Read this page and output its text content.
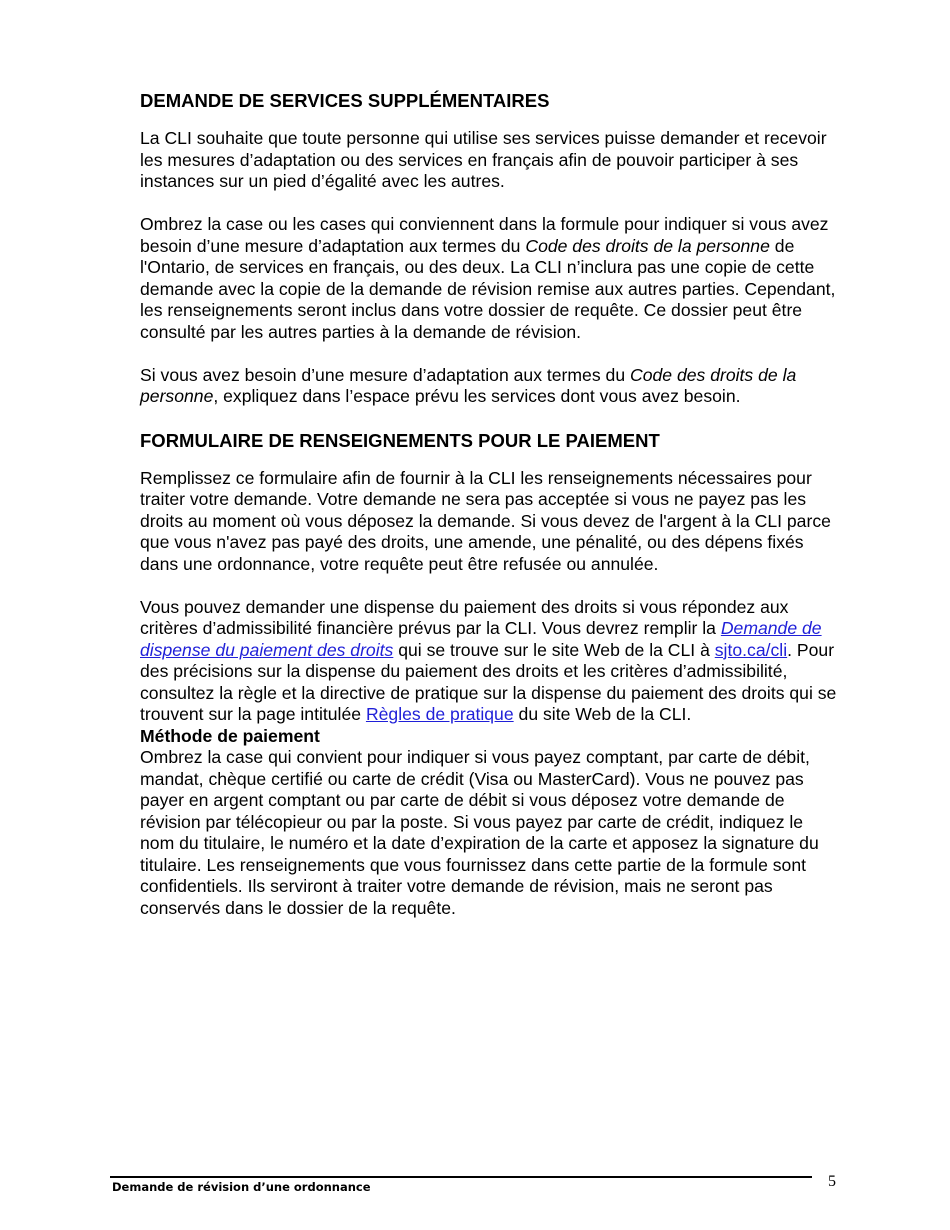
DEMANDE DE SERVICES SUPPLÉMENTAIRES

La CLI souhaite que toute personne qui utilise ses services puisse demander et recevoir les mesures d’adaptation ou des services en français afin de pouvoir participer à ses instances sur un pied d’égalité avec les autres.

Ombrez la case ou les cases qui conviennent dans la formule pour indiquer si vous avez besoin d’une mesure d’adaptation aux termes du Code des droits de la personne de l'Ontario, de services en français, ou des deux. La CLI n’inclura pas une copie de cette demande avec la copie de la demande de révision remise aux autres parties. Cependant, les renseignements seront inclus dans votre dossier de requête. Ce dossier peut être consulté par les autres parties à la demande de révision.

Si vous avez besoin d’une mesure d’adaptation aux termes du Code des droits de la personne, expliquez dans l’espace prévu les services dont vous avez besoin.

FORMULAIRE DE RENSEIGNEMENTS POUR LE PAIEMENT

Remplissez ce formulaire afin de fournir à la CLI les renseignements nécessaires pour traiter votre demande. Votre demande ne sera pas acceptée si vous ne payez pas les droits au moment où vous déposez la demande. Si vous devez de l'argent à la CLI parce que vous n'avez pas payé des droits, une amende, une pénalité, ou des dépens fixés dans une ordonnance, votre requête peut être refusée ou annulée.

Vous pouvez demander une dispense du paiement des droits si vous répondez aux critères d’admissibilité financière prévus par la CLI. Vous devrez remplir la Demande de dispense du paiement des droits qui se trouve sur le site Web de la CLI à sjto.ca/cli. Pour des précisions sur la dispense du paiement des droits et les critères d’admissibilité, consultez la règle et la directive de pratique sur la dispense du paiement des droits qui se trouvent sur la page intitulée Règles de pratique du site Web de la CLI.

Méthode de paiement

Ombrez la case qui convient pour indiquer si vous payez comptant, par carte de débit, mandat, chèque certifié ou carte de crédit (Visa ou MasterCard). Vous ne pouvez pas payer en argent comptant ou par carte de débit si vous déposez votre demande de révision par télécopieur ou par la poste. Si vous payez par carte de crédit, indiquez le nom du titulaire, le numéro et la date d’expiration de la carte et apposez la signature du titulaire. Les renseignements que vous fournissez dans cette partie de la formule sont confidentiels. Ils serviront à traiter votre demande de révision, mais ne seront pas conservés dans le dossier de la requête.

Demande de révision d’une ordonnance	5
